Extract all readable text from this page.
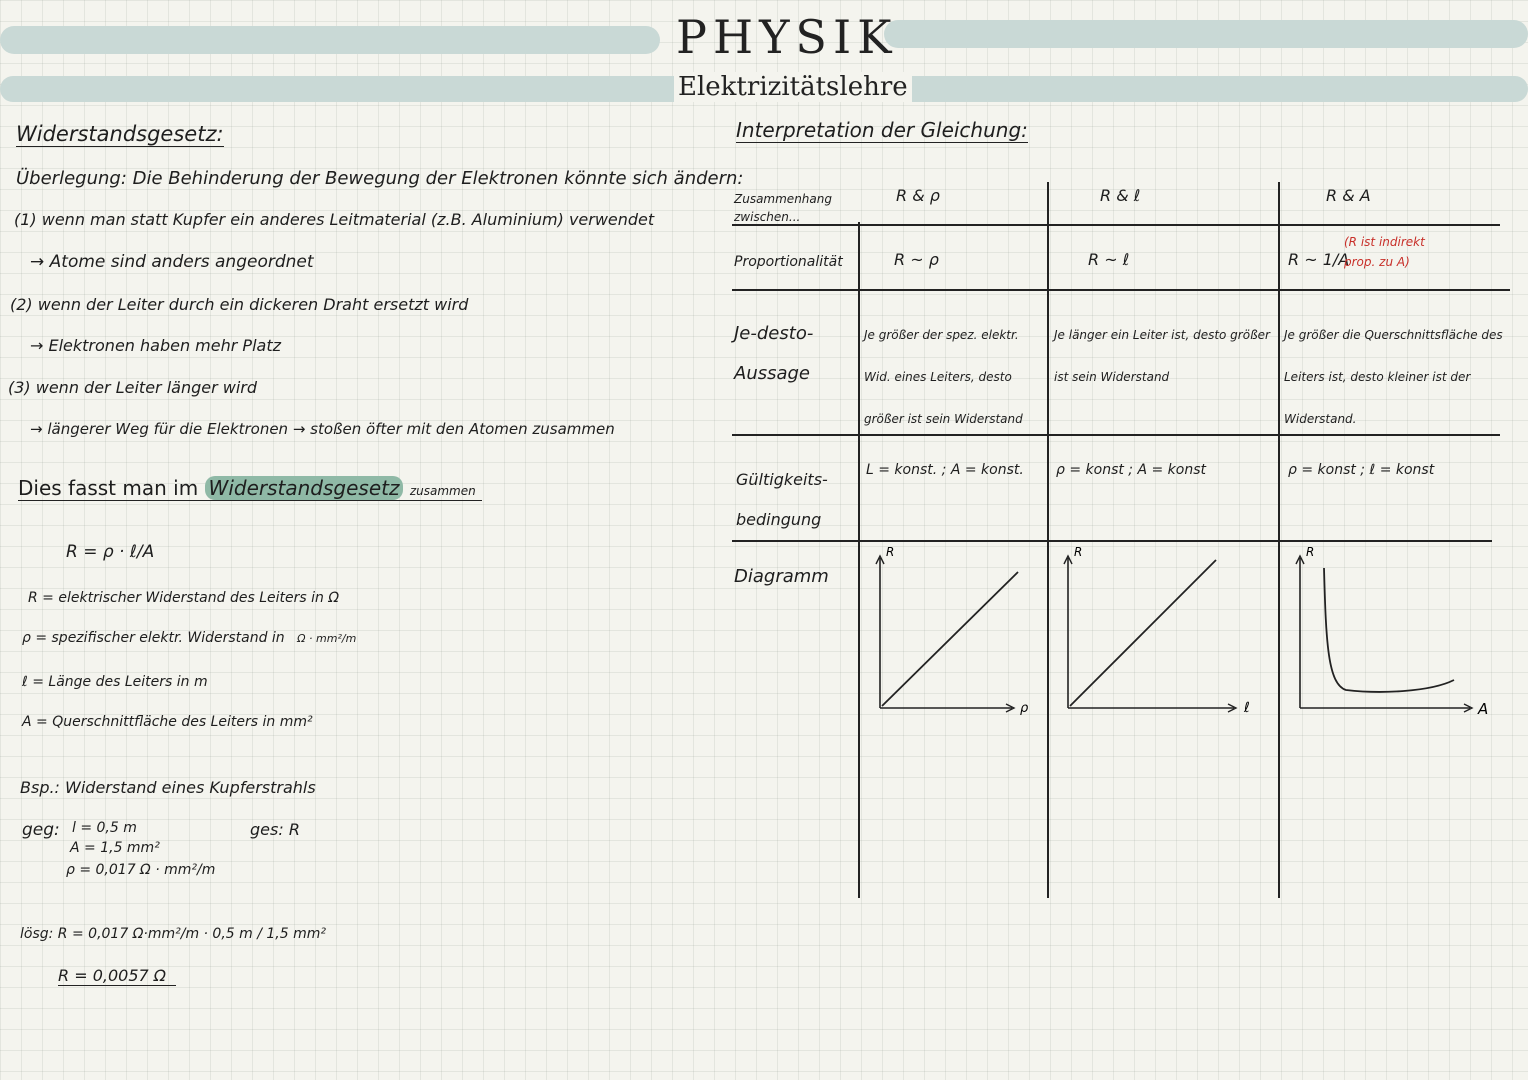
PHYSIK
Elektrizitätslehre
Widerstandsgesetz:
Überlegung: Die Behinderung der Bewegung der Elektronen könnte sich ändern:
(1) wenn man statt Kupfer ein anderes Leitmaterial (z.B. Aluminium) verwendet
→ Atome sind anders angeordnet
(2) wenn der Leiter durch ein dickeren Draht ersetzt wird
→ Elektronen haben mehr Platz
(3) wenn der Leiter länger wird
→ längerer Weg für die Elektronen → stoßen öfter mit den Atomen zusammen
Dies fasst man im Widerstandsgesetz zusammen
R = ρ · ℓ/A
R = elektrischer Widerstand des Leiters in Ω
ρ = spezifischer elektr. Widerstand in Ω · mm²/m
ℓ = Länge des Leiters in m
A = Querschnittfläche des Leiters in mm²
Bsp.: Widerstand eines Kupferstrahls
geg: l = 0,5 m
A = 1,5 mm²
ρ = 0,017 Ω · mm²/m
ges: R
lösg: R = 0,017 Ω·mm²/m · 0,5 m / 1,5 mm²
R = 0,0057 Ω
Interpretation der Gleichung:
Zusammenhang zwischen...
Proportionalität
Je-desto-Aussage
Gültigkeits-bedingung
Diagramm
R & ρ
R ~ ρ
Je größer der spez. elektr. Wid. eines Leiters, desto größer ist sein Widerstand
L = konst. ; A = konst.
R & ℓ
R ~ ℓ
Je länger ein Leiter ist, desto größer ist sein Widerstand
ρ = konst ; A = konst
R & A
R ~ 1/A
(R ist indirekt prop. zu A)
Je größer die Querschnittsfläche des Leiters ist, desto kleiner ist der Widerstand.
ρ = konst ; ℓ = konst
R
ρ
R
ℓ
R
A
